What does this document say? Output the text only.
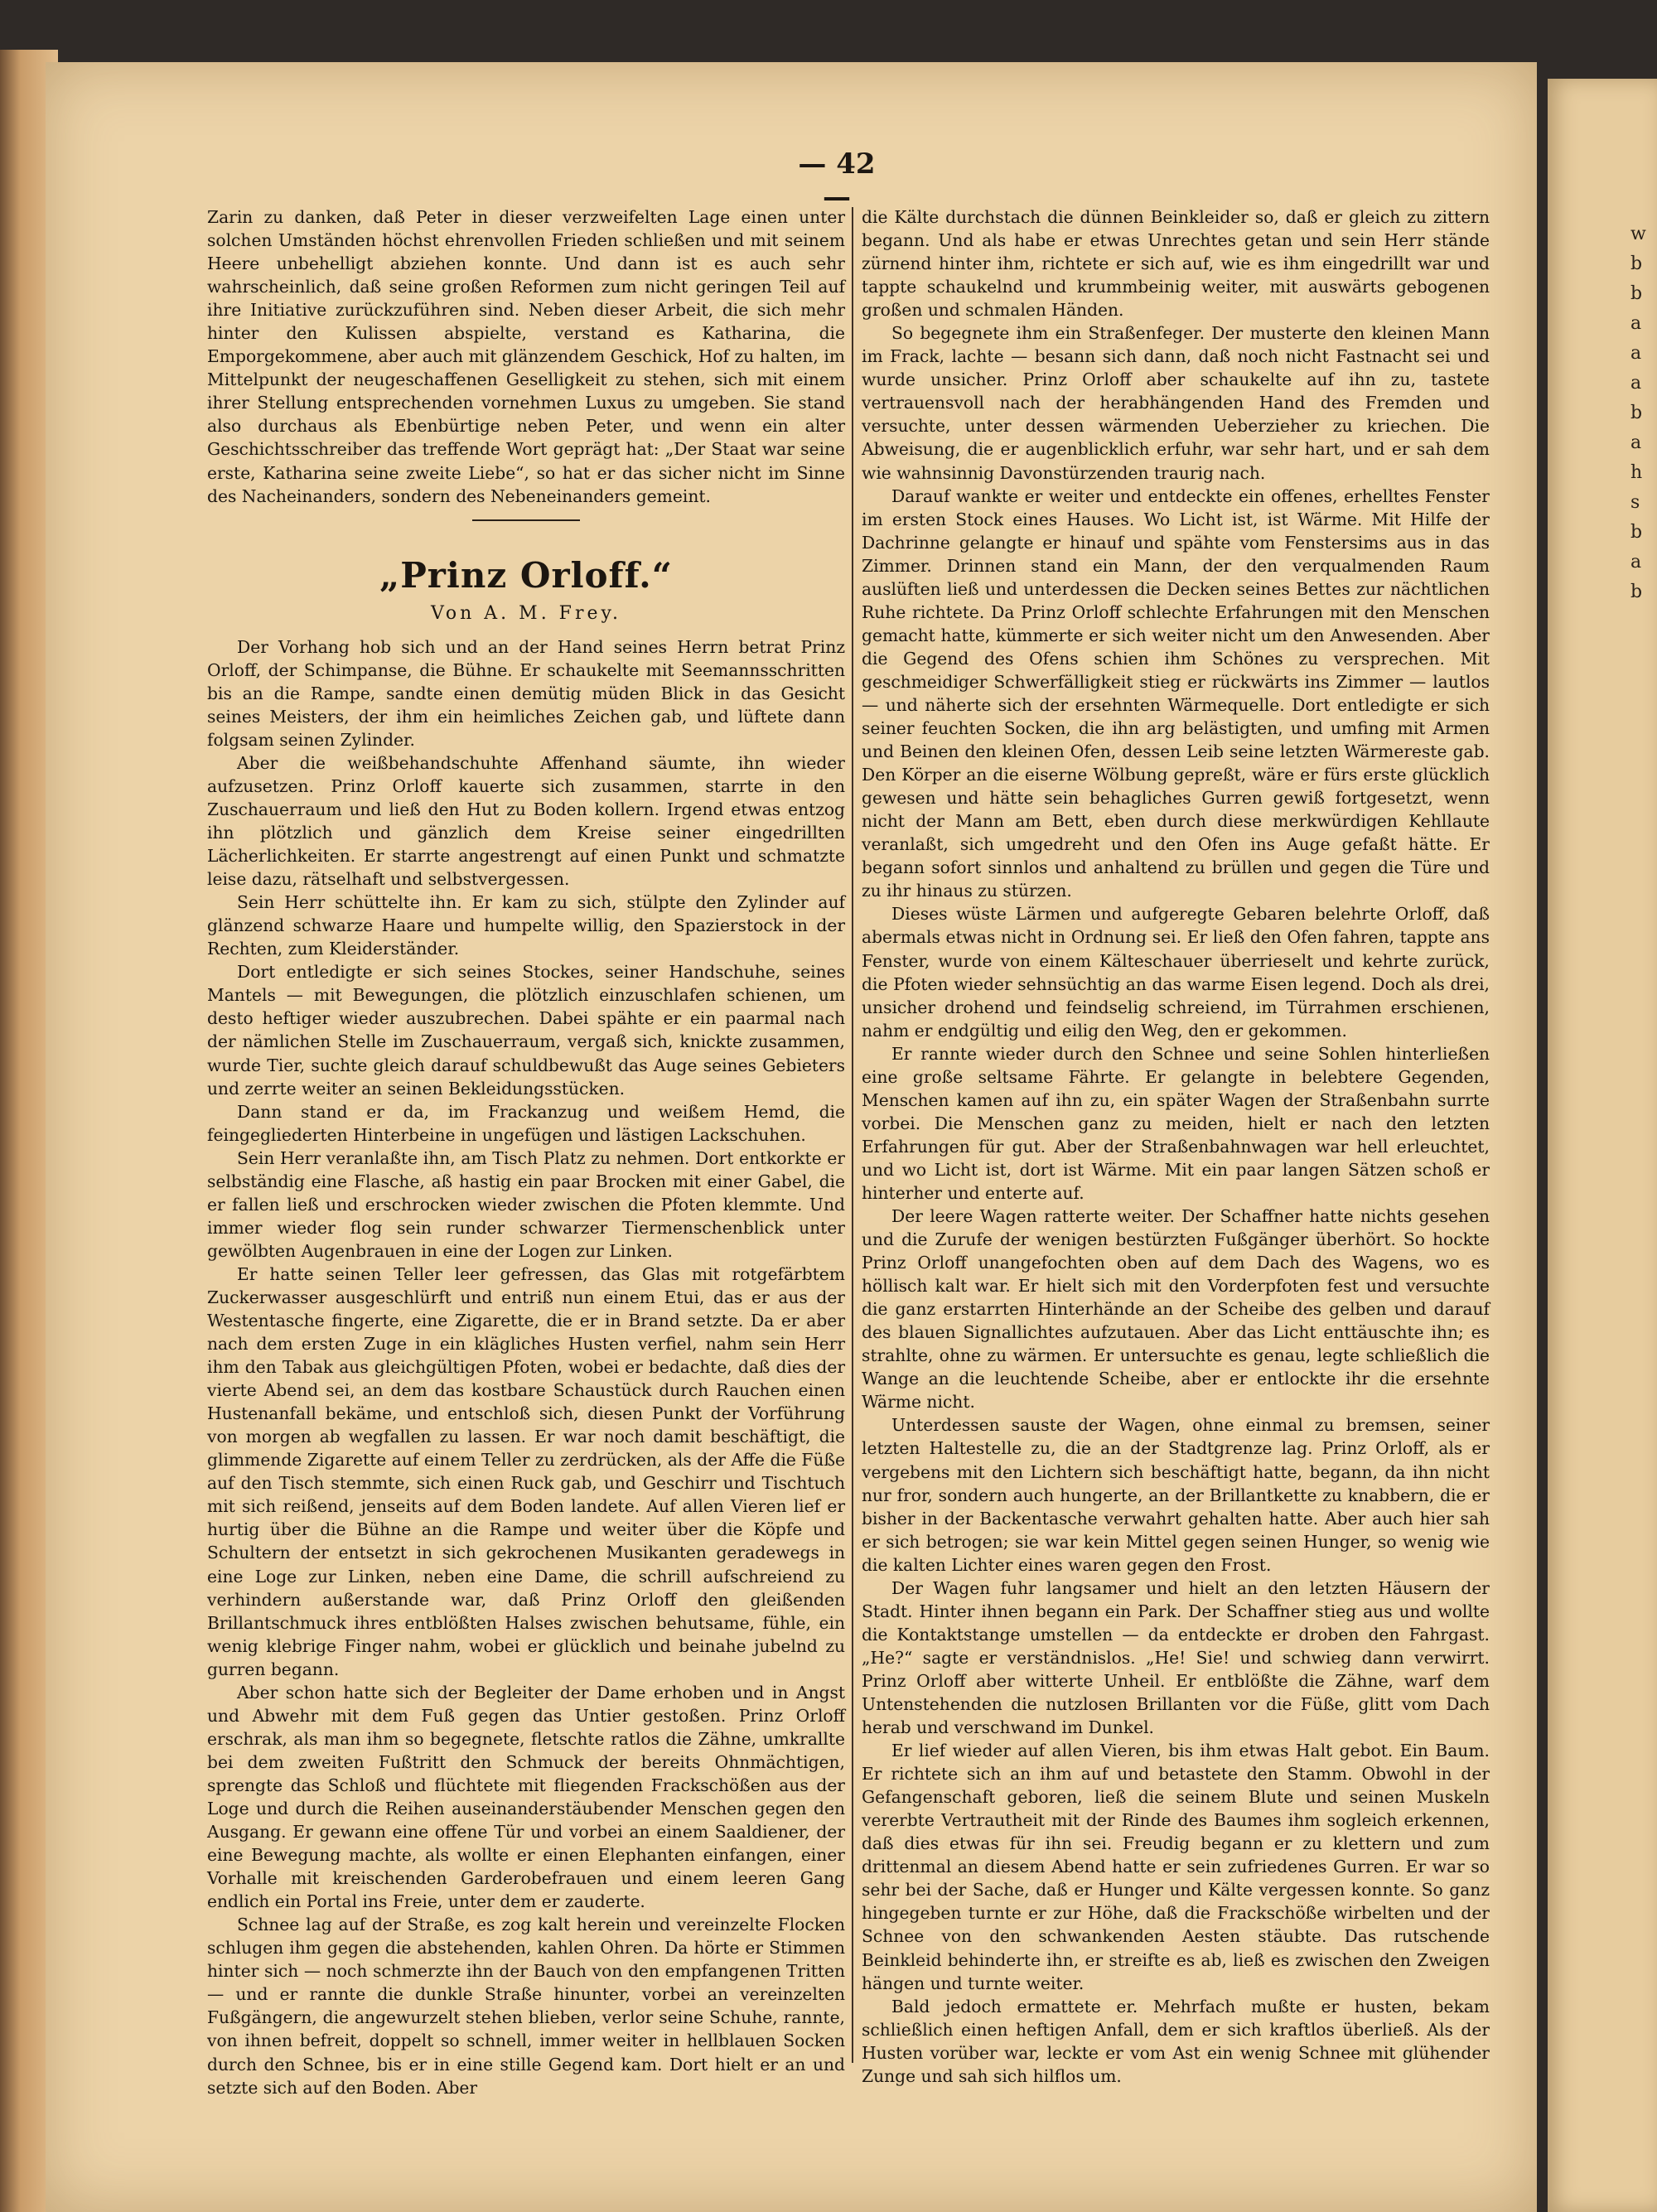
w
b
b
a
a
a
b
a
h
s
b
a
b
— 42 —

Zarin zu danken, daß Peter in dieser verzweifelten Lage einen unter solchen Umständen höchst ehrenvollen Frieden schließen und mit seinem Heere unbehelligt abziehen konnte. Und dann ist es auch sehr wahrscheinlich, daß seine großen Reformen zum nicht geringen Teil auf ihre Initiative zurückzuführen sind. Neben dieser Arbeit, die sich mehr hinter den Kulissen abspielte, verstand es Katharina, die Emporgekommene, aber auch mit glänzendem Geschick, Hof zu halten, im Mittelpunkt der neugeschaffenen Geselligkeit zu stehen, sich mit einem ihrer Stellung entsprechenden vornehmen Luxus zu umgeben. Sie stand also durchaus als Ebenbürtige neben Peter, und wenn ein alter Geschichtsschreiber das treffende Wort geprägt hat: „Der Staat war seine erste, Katharina seine zweite Liebe“, so hat er das sicher nicht im Sinne des Nacheinanders, sondern des Nebeneinanders gemeint.

„Prinz Orloff.“
Von A. M. Frey.

Der Vorhang hob sich und an der Hand seines Herrn betrat Prinz Orloff, der Schimpanse, die Bühne. Er schaukelte mit Seemannsschritten bis an die Rampe, sandte einen demütig müden Blick in das Gesicht seines Meisters, der ihm ein heimliches Zeichen gab, und lüftete dann folgsam seinen Zylinder.

Aber die weißbehandschuhte Affenhand säumte, ihn wieder aufzusetzen. Prinz Orloff kauerte sich zusammen, starrte in den Zuschauerraum und ließ den Hut zu Boden kollern. Irgend etwas entzog ihn plötzlich und gänzlich dem Kreise seiner eingedrillten Lächerlichkeiten. Er starrte angestrengt auf einen Punkt und schmatzte leise dazu, rätselhaft und selbstvergessen.

Sein Herr schüttelte ihn. Er kam zu sich, stülpte den Zylinder auf glänzend schwarze Haare und humpelte willig, den Spazierstock in der Rechten, zum Kleiderständer.

Dort entledigte er sich seines Stockes, seiner Handschuhe, seines Mantels — mit Bewegungen, die plötzlich einzuschlafen schienen, um desto heftiger wieder auszubrechen. Dabei spähte er ein paarmal nach der nämlichen Stelle im Zuschauerraum, vergaß sich, knickte zusammen, wurde Tier, suchte gleich darauf schuldbewußt das Auge seines Gebieters und zerrte weiter an seinen Bekleidungsstücken.

Dann stand er da, im Frackanzug und weißem Hemd, die feingegliederten Hinterbeine in ungefügen und lästigen Lackschuhen.

Sein Herr veranlaßte ihn, am Tisch Platz zu nehmen. Dort entkorkte er selbständig eine Flasche, aß hastig ein paar Brocken mit einer Gabel, die er fallen ließ und erschrocken wieder zwischen die Pfoten klemmte. Und immer wieder flog sein runder schwarzer Tiermenschenblick unter gewölbten Augenbrauen in eine der Logen zur Linken.

Er hatte seinen Teller leer gefressen, das Glas mit rotgefärbtem Zuckerwasser ausgeschlürft und entriß nun einem Etui, das er aus der Westentasche fingerte, eine Zigarette, die er in Brand setzte. Da er aber nach dem ersten Zuge in ein klägliches Husten verfiel, nahm sein Herr ihm den Tabak aus gleichgültigen Pfoten, wobei er bedachte, daß dies der vierte Abend sei, an dem das kostbare Schaustück durch Rauchen einen Hustenanfall bekäme, und entschloß sich, diesen Punkt der Vorführung von morgen ab wegfallen zu lassen. Er war noch damit beschäftigt, die glimmende Zigarette auf einem Teller zu zerdrücken, als der Affe die Füße auf den Tisch stemmte, sich einen Ruck gab, und Geschirr und Tischtuch mit sich reißend, jenseits auf dem Boden landete. Auf allen Vieren lief er hurtig über die Bühne an die Rampe und weiter über die Köpfe und Schultern der entsetzt in sich gekrochenen Musikanten geradewegs in eine Loge zur Linken, neben eine Dame, die schrill aufschreiend zu verhindern außerstande war, daß Prinz Orloff den gleißenden Brillantschmuck ihres entblößten Halses zwischen behutsame, fühle, ein wenig klebrige Finger nahm, wobei er glücklich und beinahe jubelnd zu gurren begann.

Aber schon hatte sich der Begleiter der Dame erhoben und in Angst und Abwehr mit dem Fuß gegen das Untier gestoßen. Prinz Orloff erschrak, als man ihm so begegnete, fletschte ratlos die Zähne, umkrallte bei dem zweiten Fußtritt den Schmuck der bereits Ohnmächtigen, sprengte das Schloß und flüchtete mit fliegenden Frackschößen aus der Loge und durch die Reihen auseinanderstäubender Menschen gegen den Ausgang. Er gewann eine offene Tür und vorbei an einem Saaldiener, der eine Bewegung machte, als wollte er einen Elephanten einfangen, einer Vorhalle mit kreischenden Garderobefrauen und einem leeren Gang endlich ein Portal ins Freie, unter dem er zauderte.

Schnee lag auf der Straße, es zog kalt herein und vereinzelte Flocken schlugen ihm gegen die abstehenden, kahlen Ohren. Da hörte er Stimmen hinter sich — noch schmerzte ihn der Bauch von den empfangenen Tritten — und er rannte die dunkle Straße hinunter, vorbei an vereinzelten Fußgängern, die angewurzelt stehen blieben, verlor seine Schuhe, rannte, von ihnen befreit, doppelt so schnell, immer weiter in hellblauen Socken durch den Schnee, bis er in eine stille Gegend kam. Dort hielt er an und setzte sich auf den Boden. Aber

die Kälte durchstach die dünnen Beinkleider so, daß er gleich zu zittern begann. Und als habe er etwas Unrechtes getan und sein Herr stände zürnend hinter ihm, richtete er sich auf, wie es ihm eingedrillt war und tappte schaukelnd und krummbeinig weiter, mit auswärts gebogenen großen und schmalen Händen.

So begegnete ihm ein Straßenfeger. Der musterte den kleinen Mann im Frack, lachte — besann sich dann, daß noch nicht Fastnacht sei und wurde unsicher. Prinz Orloff aber schaukelte auf ihn zu, tastete vertrauensvoll nach der herabhängenden Hand des Fremden und versuchte, unter dessen wärmenden Ueberzieher zu kriechen. Die Abweisung, die er augenblicklich erfuhr, war sehr hart, und er sah dem wie wahnsinnig Davonstürzenden traurig nach.

Darauf wankte er weiter und entdeckte ein offenes, erhelltes Fenster im ersten Stock eines Hauses. Wo Licht ist, ist Wärme. Mit Hilfe der Dachrinne gelangte er hinauf und spähte vom Fenstersims aus in das Zimmer. Drinnen stand ein Mann, der den verqualmenden Raum auslüften ließ und unterdessen die Decken seines Bettes zur nächtlichen Ruhe richtete. Da Prinz Orloff schlechte Erfahrungen mit den Menschen gemacht hatte, kümmerte er sich weiter nicht um den Anwesenden. Aber die Gegend des Ofens schien ihm Schönes zu versprechen. Mit geschmeidiger Schwerfälligkeit stieg er rückwärts ins Zimmer — lautlos — und näherte sich der ersehnten Wärmequelle. Dort entledigte er sich seiner feuchten Socken, die ihn arg belästigten, und umfing mit Armen und Beinen den kleinen Ofen, dessen Leib seine letzten Wärmereste gab. Den Körper an die eiserne Wölbung gepreßt, wäre er fürs erste glücklich gewesen und hätte sein behagliches Gurren gewiß fortgesetzt, wenn nicht der Mann am Bett, eben durch diese merkwürdigen Kehllaute veranlaßt, sich umgedreht und den Ofen ins Auge gefaßt hätte. Er begann sofort sinnlos und anhaltend zu brüllen und gegen die Türe und zu ihr hinaus zu stürzen.

Dieses wüste Lärmen und aufgeregte Gebaren belehrte Orloff, daß abermals etwas nicht in Ordnung sei. Er ließ den Ofen fahren, tappte ans Fenster, wurde von einem Kälteschauer überrieselt und kehrte zurück, die Pfoten wieder sehnsüchtig an das warme Eisen legend. Doch als drei, unsicher drohend und feindselig schreiend, im Türrahmen erschienen, nahm er endgültig und eilig den Weg, den er gekommen.

Er rannte wieder durch den Schnee und seine Sohlen hinterließen eine große seltsame Fährte. Er gelangte in belebtere Gegenden, Menschen kamen auf ihn zu, ein später Wagen der Straßenbahn surrte vorbei. Die Menschen ganz zu meiden, hielt er nach den letzten Erfahrungen für gut. Aber der Straßenbahnwagen war hell erleuchtet, und wo Licht ist, dort ist Wärme. Mit ein paar langen Sätzen schoß er hinterher und enterte auf.

Der leere Wagen ratterte weiter. Der Schaffner hatte nichts gesehen und die Zurufe der wenigen bestürzten Fußgänger überhört. So hockte Prinz Orloff unangefochten oben auf dem Dach des Wagens, wo es höllisch kalt war. Er hielt sich mit den Vorderpfoten fest und versuchte die ganz erstarrten Hinterhände an der Scheibe des gelben und darauf des blauen Signallichtes aufzutauen. Aber das Licht enttäuschte ihn; es strahlte, ohne zu wärmen. Er untersuchte es genau, legte schließlich die Wange an die leuchtende Scheibe, aber er entlockte ihr die ersehnte Wärme nicht.

Unterdessen sauste der Wagen, ohne einmal zu bremsen, seiner letzten Haltestelle zu, die an der Stadtgrenze lag. Prinz Orloff, als er vergebens mit den Lichtern sich beschäftigt hatte, begann, da ihn nicht nur fror, sondern auch hungerte, an der Brillantkette zu knabbern, die er bisher in der Backentasche verwahrt gehalten hatte. Aber auch hier sah er sich betrogen; sie war kein Mittel gegen seinen Hunger, so wenig wie die kalten Lichter eines waren gegen den Frost.

Der Wagen fuhr langsamer und hielt an den letzten Häusern der Stadt. Hinter ihnen begann ein Park. Der Schaffner stieg aus und wollte die Kontaktstange umstellen — da entdeckte er droben den Fahrgast. „He?“ sagte er verständnislos. „He! Sie! und schwieg dann verwirrt. Prinz Orloff aber witterte Unheil. Er entblößte die Zähne, warf dem Untenstehenden die nutzlosen Brillanten vor die Füße, glitt vom Dach herab und verschwand im Dunkel.

Er lief wieder auf allen Vieren, bis ihm etwas Halt gebot. Ein Baum. Er richtete sich an ihm auf und betastete den Stamm. Obwohl in der Gefangenschaft geboren, ließ die seinem Blute und seinen Muskeln vererbte Vertrautheit mit der Rinde des Baumes ihm sogleich erkennen, daß dies etwas für ihn sei. Freudig begann er zu klettern und zum drittenmal an diesem Abend hatte er sein zufriedenes Gurren. Er war so sehr bei der Sache, daß er Hunger und Kälte vergessen konnte. So ganz hingegeben turnte er zur Höhe, daß die Frackschöße wirbelten und der Schnee von den schwankenden Aesten stäubte. Das rutschende Beinkleid behinderte ihn, er streifte es ab, ließ es zwischen den Zweigen hängen und turnte weiter.

Bald jedoch ermattete er. Mehrfach mußte er husten, bekam schließlich einen heftigen Anfall, dem er sich kraftlos überließ. Als der Husten vorüber war, leckte er vom Ast ein wenig Schnee mit glühender Zunge und sah sich hilflos um.
